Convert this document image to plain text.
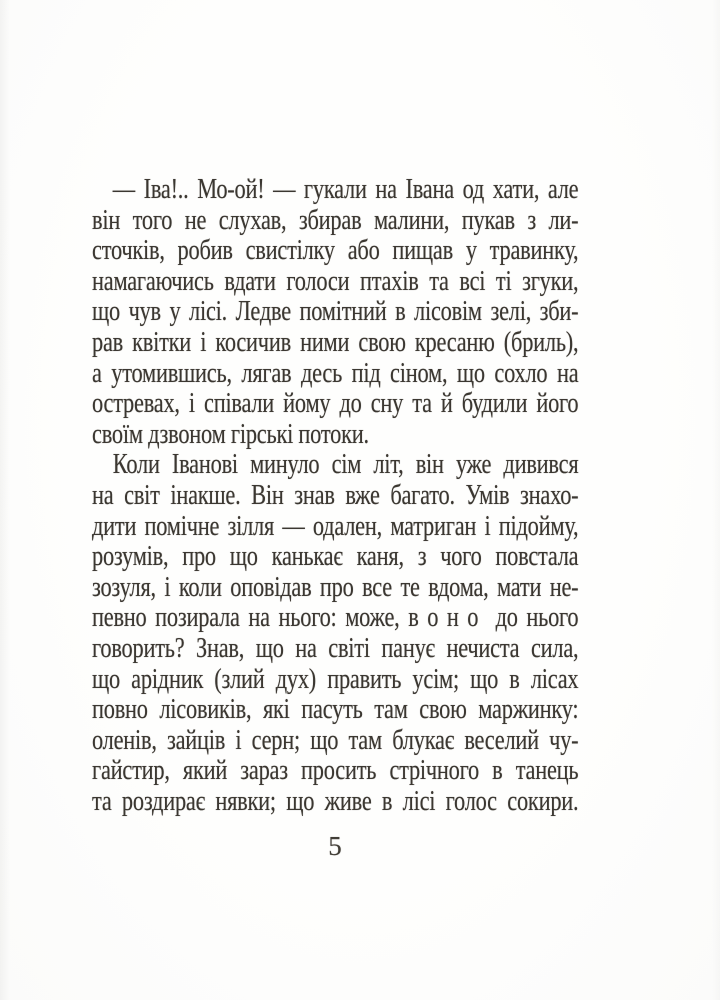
— Іва!.. Мо-ой! — гукали на Івана од хати, але
він того не слухав, збирав малини, пукав з ли-
сточків, робив свистілку або пищав у травинку,
намагаючись вдати голоси птахів та всі ті згуки,
що чув у лісі. Ледве помітний в лісовім зелі, зби-
рав квітки і косичив ними свою кресаню (бриль),
а утомившись, лягав десь під сіном, що сохло на
остревах, і співали йому до сну та й будили його
своїм дзвоном гірські потоки.
Коли Іванові минуло сім літ, він уже дивився
на світ інакше. Він знав вже багато. Умів знахо-
дити помічне зілля — одален, матриган і підойму,
розумів, про що канькає каня, з чого повстала
зозуля, і коли оповідав про все те вдома, мати не-
певно позирала на нього: може, в о н о  до нього
говорить? Знав, що на світі панує нечиста сила,
що арідник (злий дух) править усім; що в лісах
повно лісовиків, які пасуть там свою маржинку:
оленів, зайців і серн; що там блукає веселий чу-
гайстир, який зараз просить стрічного в танець
та роздирає нявки; що живе в лісі голос сокири.
5
